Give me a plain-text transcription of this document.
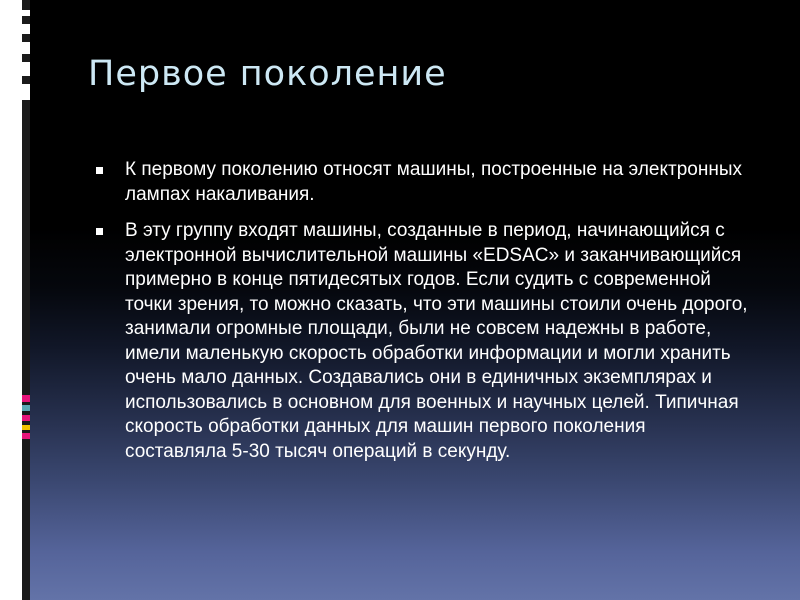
Первое поколение
К первому поколению относят машины, построенные на электронных лампах накаливания.
В эту группу входят машины, созданные в период, начинающийся с электронной вычислительной машины «EDSAC» и заканчивающийся примерно в конце пятидесятых годов. Если судить с современной точки зрения, то можно сказать, что эти машины стоили очень дорого, занимали огромные площади, были не совсем надежны в работе, имели маленькую скорость обработки информации и могли хранить очень мало данных. Создавались они в единичных экземплярах и использовались в основном для военных и научных целей. Типичная скорость обработки данных для машин первого поколения составляла 5-30 тысяч операций в секунду.
